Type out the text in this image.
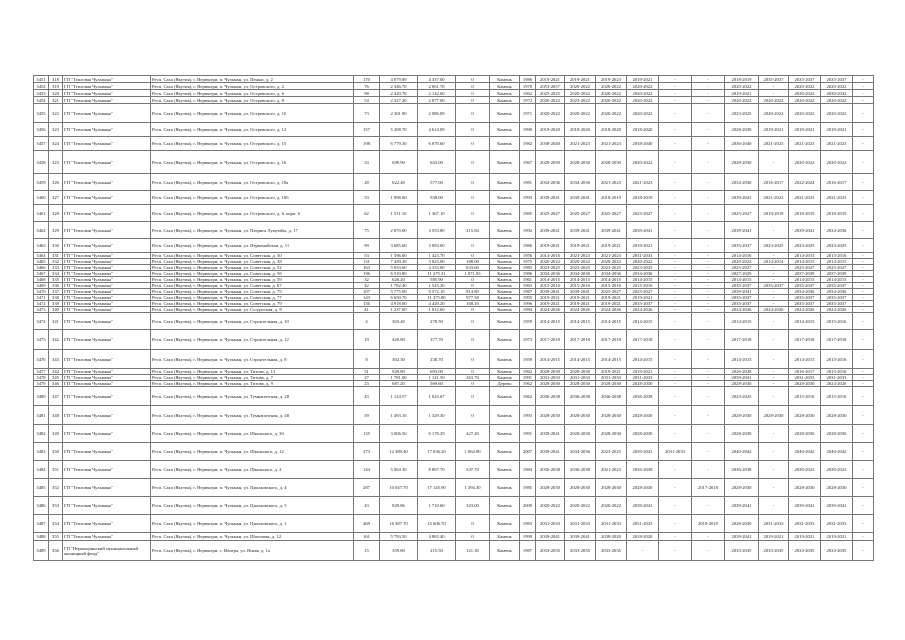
3451	318	ГП "Тепловая Чульмана"	Респ. Саха (Якутия), г. Нерюнгри, п. Чульман, ул. Пеньш, д. 2	170	4 079.89	4 337.00	0	Камень	1986	2019-2021	2019-2021	2019-2023	2019-2021	-	-	2018-2019	2035-2037	2035-2037	2035-2037	-
3452	319	ГП "Тепловая Чульмана"	Респ. Саха (Якутия), г. Нерюнгри, п. Чульман, ул. Островского, д. 2	76	2 346.70	2 061.70	0	Камень	1970	2053-2057	2020-2022	2020-2022	2020-2022	-	-	2020-2022	-	2020-2022	2020-2022	-
3453	320	ГП "Тепловая Чульмана"	Респ. Саха (Якутия), г. Нерюнгри, п. Чульман, ул. Островского, д. 6	98	2 420.76	2 142.60	0	Камень	1962	2025-2025	2020-2022	2020-2022	2020-2022	-	-	2019-2021	-	2020-2022	2030-2032	-
3454	321	ГП "Тепловая Чульмана"	Респ. Саха (Якутия), г. Нерюнгри, п. Чульман, ул. Островского, д. 8	54	2 327.20	2 077.00	0	Камень	1972	2020-2022	2023-2022	2020-2022	2020-2022	-	-	2020-2022	2020-2022	2020-2022	2020-2022	-
3455	322	ГП "Тепловая Чульмана"	Респ. Саха (Якутия), г. Нерюнгри, п. Чульман, ул. Островского, д. 10	73	2 301.90	2 086.09	0	Камень	1971	2020-2022	2020-2022	2020-2022	2020-2022	-	-	2023-2025	2020-2022	2020-2022	2020-2022	-
3456	323	ГП "Тепловая Чульмана"	Респ. Саха (Якутия), г. Нерюнгри, п. Чульман, ул. Островского, д. 12	157	5 208.70	4 614.09	0	Камень	1990	2019-2020	2018-2020	2018-2020	2018-2020	-	-	2028-2030	2019-2021	2019-2021	2019-2021	-
3457	324	ГП "Тепловая Чульмана"	Респ. Саха (Якутия), г. Нерюнгри, п. Чульман, ул. Островского, д. 15	198	6 779.30	6 070.60	0	Камень	1982	2038-2040	2021-2023	2021-2023	2038-2040	-	-	2036-2040	2021-2023	2021-2023	2021-2023	-
3458	325	ГП "Тепловая Чульмана"	Респ. Саха (Якутия), г. Нерюнгри, п. Чульман, ул. Островского, д. 16	33	699.90	643.00	0	Камень	1967	2028-2030	2028-2030	2028-2030	2020-2022	-	-	2028-2030	-	2020-2022	2020-2022	-
3459	326	ГП "Тепловая Чульмана"	Респ. Саха (Якутия), г. Нерюнгри, п. Чульман, ул. Островского, д. 18а	28	622.40	577.00	0	Камень	1981	2034-2036	2034-2036	2021-2023	2021-2023	-	-	2034-2036	2016-2017	2022-2024	2016-2017	-
3460	327	ГП "Тепловая Чульмана"	Респ. Саха (Якутия), г. Нерюнгри, п. Чульман, ул. Островского, д. 18б	33	1 098.00	938.00	0	Камень	1993	2039-2041	2039-2041	2018-2019	2018-2019	-	-	2039-2041	2021-2023	2021-2023	2021-2023	-
3461	328	ГП "Тепловая Чульмана"	Респ. Саха (Якутия), г. Нерюнгри, п. Чульман, ул. Островского, д. 6, корп. 6	62	1 511.10	1 367.10	0	Камень	1985	2025-2027	2025-2027	2025-2027	2025-2027	-	-	2025-2027	2018-2019	2018-2019	2018-2019	-
3462	329	ГП "Тепловая Чульмана"	Респ. Саха (Якутия), г. Нерюнгри, п. Чульман, ул. Патриса Лумумбы, д. 17	75	2 870.00	3 553.80	215.84	Камень	1992	2039-2041	2039-2041	2039-2041	2039-2041	-	-	2039-2041	-	2039-2041	2034-2036	-
3463	330	ГП "Тепловая Чульмана"	Респ. Саха (Якутия), г. Нерюнгри, п. Чульман, ул. Первомайская, д. 11	99	3 685.60	3 083.00	0	Камень	1986	2019-2021	2019-2021	2019-2021	2019-2021	-	-	2035-2037	2023-2025	2023-2025	2023-2025	-
3464	331	ГП "Тепловая Чульмана"	Респ. Саха (Якутия), г. Нерюнгри, п. Чульман, ул. Советская, д. 30	53	1 596.00	1 423.70	0	Камень	1956	2014-2016	2021-2023	2021-2023	2031-2033	-	-	2014-2016	-	2014-2015	2015-2016	-
3465	332	ГП "Тепловая Чульмана"	Респ. Саха (Якутия), г. Нерюнгри, п. Чульман, ул. Советская, д. 38	131	7 439.20	3 023.00	188.00	Камень	1975	2020-2022	2020-2022	2020-2022	2020-2022	-	-	2020-2022	2014-2014	2014-2015	2014-2015	-
3466	333	ГП "Тепловая Чульмана"	Респ. Саха (Якутия), г. Нерюнгри, п. Чульман, ул. Советская, д. 52	163	5 833.60	4 333.60	633.60	Камень	1983	2023-2025	2023-2025	2023-2025	2023-2025	-	-	2025-2027	-	2025-2027	2025-2027	-
3467	334	ГП "Тепловая Чульмана"	Респ. Саха (Якутия), г. Нерюнгри, п. Чульман, ул. Советская, д. 56	196	6 510.80	11 275.31	1 071.83	Камень	1986	2034-2036	2034-2036	2034-2036	2034-2036	-	-	2027-2029	-	2037-2039	2037-2039	-
3468	335	ГП "Тепловая Чульмана"	Респ. Саха (Якутия), г. Нерюнгри, п. Чульман, ул. Советская, д. 59	32	626.20	585.90	0	Камень	1961	2014-2015	2014-2015	2014-2015	2014-2015	-	-	2014-2015	-	2014-2015	2014-2015	-
3469	336	ГП "Тепловая Чульмана"	Респ. Саха (Якутия), г. Нерюнгри, п. Чульман, ул. Советская, д. 67	42	1 782.40	1 543.20	0	Камень	1963	2015-2016	2015-2016	2015-2016	2015-2016	-	-	2035-2037	2035-2037	2035-2037	2035-2037	-
3470	337	ГП "Тепловая Чульмана"	Респ. Саха (Якутия), г. Нерюнгри, п. Чульман, ул. Советская, д. 75	107	5 775.00	9 572.10	814.80	Камень	1987	2039-2041	2039-2041	2025-2027	2025-2027	-	-	2039-2041	-	2034-2036	2034-2036	-
3471	338	ГП "Тепловая Чульмана"	Респ. Саха (Якутия), г. Нерюнгри, п. Чульман, ул. Советская, д. 77	143	6 650.70	11 275.80	977.58	Камень	1995	2019-2021	2019-2021	2019-2021	2019-2021	-	-	2035-2037	-	2035-2037	2035-2037	-
3472	339	ГП "Тепловая Чульмана"	Респ. Саха (Якутия), г. Нерюнгри, п. Чульман, ул. Советская, д. 79	156	4 918.00	4 420.20	168.10	Камень	1996	2019-2021	2019-2021	2019-2021	2035-2037	-	-	2035-2037	-	2035-2037	2035-2037	-
3473	340	ГП "Тепловая Чульмана"	Респ. Саха (Якутия), г. Нерюнгри, п. Чульман, ул. Солдатская, д. 8	41	1 237.00	1 012.60	0	Камень	1984	2024-2026	2024-2026	2024-2026	2024-2026	-	-	2024-2026	2024-2026	2024-2026	2024-2026	-
3474	341	ГП "Тепловая Чульмана"	Респ. Саха (Якутия), г. Нерюнгри, п. Чульман, ул. Строительная, д. 10	4	303.40	278.50	0	Камень	1959	2014-2015	2014-2015	2014-2015	2014-2015	-	-	2014-2015	-	2014-2015	2015-2016	-
3475	342	ГП "Тепловая Чульмана"	Респ. Саха (Якутия), г. Нерюнгри, п. Чульман, ул. Строительная, д. 12	19	420.80	377.70	0	Камень	1973	2017-2018	2017-2018	2017-2018	2017-2018	-	-	2017-2018	-	2017-2018	2017-2018	-
3476	343	ГП "Тепловая Чульмана"	Респ. Саха (Якутия), г. Нерюнгри, п. Чульман, ул. Строительная, д. 8	8	302.30	238.70	0	Камень	1959	2014-2015	2014-2015	2014-2015	2014-2015	-	-	2014-2015	-	2014-2015	2015-2016	-
3477	344	ГП "Тепловая Чульмана"	Респ. Саха (Якутия), г. Нерюнгри, п. Чульман, ул. Титова, д. 13	51	920.80	693.00	0	Камень	1962	2028-2030	2028-2030	2019-2021	2019-2021	-	-	2026-2028	-	2016-2017	2015-2016	-
3478	345	ГП "Тепловая Чульмана"	Респ. Саха (Якутия), г. Нерюнгри, п. Чульман, ул. Титова, д. 7	27	1 781.00	1 141.50	263.70	Камень	1991	2031-2033	2031-2033	2031-2033	2031-2033	-	-	2039-2041	-	2031-2033	2031-2033	-
3479	346	ГП "Тепловая Чульмана"	Респ. Саха (Якутия), г. Нерюнгри, п. Чульман, ул. Титова, д. 9	23	687.20	569.60	0	Дерево	1962	2028-2030	2028-2030	2028-2030	2028-2030	-	-	2028-2030	-	2028-2030	2024-2026	-
3480	347	ГП "Тепловая Чульмана"	Респ. Саха (Якутия), г. Нерюнгри, п. Чульман, ул. Тумнапотгная, д. 28	43	1 124.57	1 023.67	0	Камень	1962	2036-2038	2036-2038	2036-2038	2036-2038	-	-	2023-2025	-	2015-2016	2015-2016	-
3481	348	ГП "Тепловая Чульмана"	Респ. Саха (Якутия), г. Нерюнгри, п. Чульман, ул. Тумнапотгная, д. 48	59	1 493.10	1 329.30	0	Камень	1993	2028-2030	2028-2030	2028-2030	2028-2030	-	-	2028-2030	2028-2030	2028-2030	2028-2030	-
3482	349	ГП "Тепловая Чульмана"	Респ. Саха (Якутия), г. Нерюнгри, п. Чульман, ул. Школьного, д. 30	135	3 006.50	6 178.29	427.20	Камень	1991	2039-2041	2028-2030	2028-2030	2028-2030	-	-	2028-2030	-	2028-2030	2028-2030	-
3483	350	ГП "Тепловая Чульмана"	Респ. Саха (Якутия), г. Нерюнгри, п. Чульман, ул. Школьного, д. 12	273	12 389.40	17 036.20	1 064.90	Камень	2007	2039-2041	2034-2036	2023-2025	2039-2041	2031-2033	-	2040-2042	-	2040-2042	2040-2042	-
3484	351	ГП "Тепловая Чульмана"	Респ. Саха (Якутия), г. Нерюнгри, п. Чульман, ул. Школьного, д. 2	144	5 064.30	8 867.70	547.70	Камень	1984	2036-2038	2036-2038	2021-2023	2036-2038	-	-	2036-2038	-	2020-2022	2020-2022	-
3485	352	ГП "Тепловая Чульмана"	Респ. Саха (Якутия), г. Нерюнгри, п. Чульман, ул. Циолковского, д. 4	287	10 047.70	17 145.90	1 394.30	Камень	1985	2028-2030	2028-2030	2028-2030	2028-2030	-	2017-2018	2028-2030	-	2028-2030	2028-2030	-
3486	353	ГП "Тепловая Чульмана"	Респ. Саха (Якутия), г. Нерюнгри, п. Чульман, ул. Циолковского, д. 5	43	829.86	1 710.60	323.00	Камень	2000	2020-2022	2020-2022	2020-2022	2039-2041	-	-	2039-2041	-	2039-2041	2039-2041	-
3487	354	ГП "Тепловая Чульмана"	Респ. Саха (Якутия), г. Нерюнгри, п. Чульман, ул. Циолковского, д. 1	469	16 387.70	15 606.70	0	Камень	1983	2031-2033	2031-2033	2031-2033	2031-2033	-	2018-2019	2028-2030	2031-2033	2031-2033	2031-2033	-
3488	355	ГП "Тепловая Чульмана"	Респ. Саха (Якутия), г. Нерюнгри, п. Чульман, ул. Шахтовая, д. 12	161	5 793.50	4 865.40	0	Камень	1999	2039-2041	2039-2041	2038-2020	2018-2020	-	-	2039-2041	2019-2021	2019-2021	2019-2021	-
3489	356	ГП "Нерюнгринский муниципальный жилищный фонд"	Респ. Саха (Якутия), г. Нерюнгри, с. Иенгра, ул. Ясная, д. 1а	15	359.80	215.50	121.30	Камень	1987	2033-2035	2033-2035	2033-2035	-	-	-	2033-2035	2033-2035	2033-2035	2033-2035	-
